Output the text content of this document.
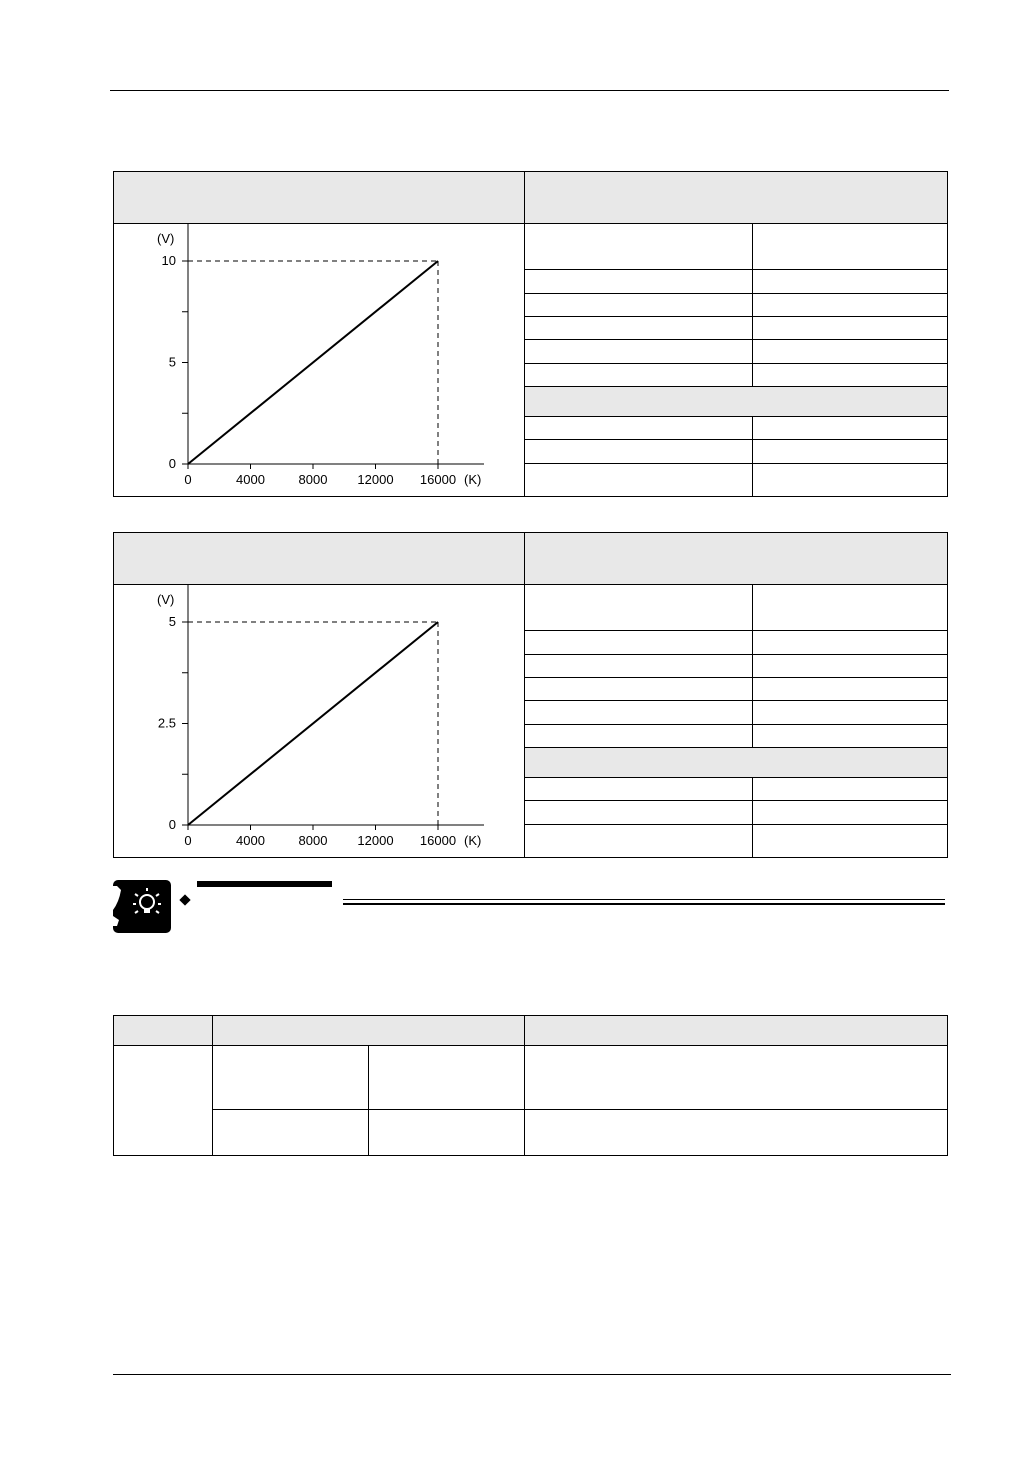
0
5
10
(V)
0	4000	8000 12000 16000 (K)
0
2.5
5
(V)
0	4000	8000 12000 16000 (K)
